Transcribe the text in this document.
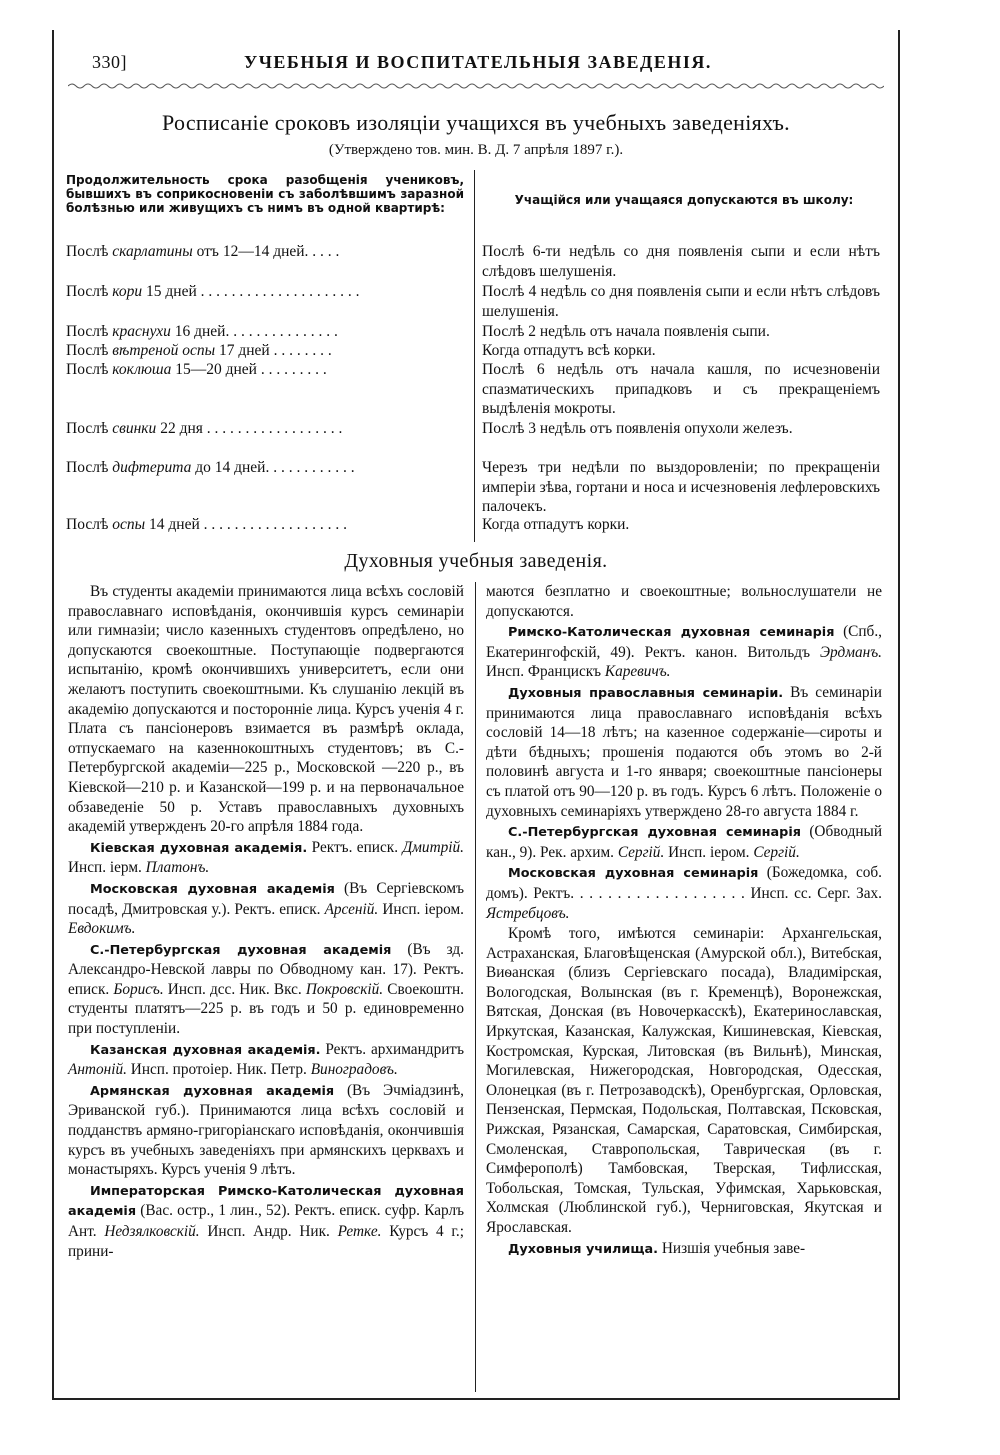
330]	УЧЕБНЫЯ И ВОСПИТАТЕЛЬНЫЯ ЗАВЕДЕНІЯ.
Росписаніе сроковъ изоляціи учащихся въ учебныхъ заведеніяхъ.
(Утверждено тов. мин. В. Д. 7 апрѣля 1897 г.).
Продолжительность срока разобщенія учениковъ, бывшихъ въ соприкосновеніи съ заболѣвшимъ заразной болѣзнью или живущихъ съ нимъ въ одной квартирѣ:
Учащійся или учащаяся допускаются въ школу:
Послѣ скарлатины отъ 12—14 дней. . . . .	Послѣ 6-ти недѣль со дня появленія сыпи и если нѣтъ слѣдовъ шелушенія.
Послѣ кори 15 дней . . . . . . . . . . . . . . . . . . . . .	Послѣ 4 недѣль со дня появленія сыпи и если нѣтъ слѣдовъ шелушенія.
Послѣ краснухи 16 дней. . . . . . . . . . . . . . .	Послѣ 2 недѣль отъ начала появленія сыпи.
Послѣ вѣтреной оспы 17 дней . . . . . . . .	Когда отпадутъ всѣ корки.
Послѣ коклюша 15—20 дней . . . . . . . . .	Послѣ 6 недѣль отъ начала кашля, по исчезновеніи спазматическихъ припадковъ и съ прекращеніемъ выдѣленія мокроты.
Послѣ свинки 22 дня . . . . . . . . . . . . . . . . . .	Послѣ 3 недѣль отъ появленія опухоли железъ.
Послѣ дифтерита до 14 дней. . . . . . . . . . . .	Черезъ три недѣли по выздоровленіи; по прекращеніи имперіи зѣва, гортани и носа и исчезновенія лефлеровскихъ палочекъ.
Послѣ оспы 14 дней . . . . . . . . . . . . . . . . . . .	Когда отпадутъ корки.
Духовныя учебныя заведенія.

Въ студенты академіи принимаются лица всѣхъ сословій православнаго исповѣданія, окончившія курсъ семинаріи или гимназіи; число казенныхъ студентовъ опредѣлено, но допускаются своекоштные. Поступающіе подвергаются испытанію, кромѣ окончившихъ университетъ, если они желаютъ поступить своекоштными. Къ слушанію лекцій въ академію допускаются и посторонніе лица. Курсъ ученія 4 г. Плата съ пансіонеровъ взимается въ размѣрѣ оклада, отпускаемаго на казеннокоштныхъ студентовъ; въ С.-Петербургской академіи—225 р., Московской —220 р., въ Кіевской—210 р. и Казанской—199 р. и на первоначальное обзаведеніе 50 р. Уставъ православныхъ духовныхъ академій утвержденъ 20-го апрѣля 1884 года.

Кіевская духовная академія. Ректъ. еписк. Дмитрій. Инсп. іерм. Платонъ.

Московская духовная академія (Въ Сергіевскомъ посадѣ, Дмитровская у.). Ректъ. еписк. Арсеній. Инсп. іером. Евдокимъ.

С.-Петербургская духовная академія (Въ зд. Александро-Невской лавры по Обводному кан. 17). Ректъ. еписк. Борисъ. Инсп. дсс. Ник. Вкс. Покровскій. Своекоштн. студенты платятъ—225 р. въ годъ и 50 р. единовременно при поступленіи.

Казанская духовная академія. Ректъ. архимандритъ Антоній. Инсп. протоіер. Ник. Петр. Виноградовъ.

Армянская духовная академія (Въ Эчміадзинѣ, Эриванской губ.). Принимаются лица всѣхъ сословій и подданствъ армяно-григоріанскаго исповѣданія, окончившія курсъ въ учебныхъ заведеніяхъ при армянскихъ церквахъ и монастыряхъ. Курсъ ученія 9 лѣтъ.

Императорская Римско-Католическая духовная академія (Вас. остр., 1 лин., 52). Ректъ. еписк. суфр. Карлъ Ант. Недзялковскій. Инсп. Андр. Ник. Ретке. Курсъ 4 г.; прини-

маются безплатно и своекоштные; вольнослушатели не допускаются.

Римско-Католическая духовная семинарія (Спб., Екатерингофскій, 49). Ректъ. канон. Витольдъ Эрдманъ. Инсп. Францискъ Каревичъ.

Духовныя православныя семинаріи. Въ семинаріи принимаются лица православнаго исповѣданія всѣхъ сословій 14—18 лѣтъ; на казенное содержаніе—сироты и дѣти бѣдныхъ; прошенія подаются объ этомъ во 2-й половинѣ августа и 1-го января; своекоштные пансіонеры съ платой отъ 90—120 р. въ годъ. Курсъ 6 лѣтъ. Положеніе о духовныхъ семинаріяхъ утверждено 28-го августа 1884 г.

С.-Петербургская духовная семинарія (Обводный кан., 9). Рек. архим. Сергій. Инсп. іером. Сергій.

Московская духовная семинарія (Божедомка, соб. домъ). Ректъ. . . . . . . . . . . . . . . . . . . Инсп. сс. Серг. Зах. Ястребцовъ.

Кромѣ того, имѣются семинаріи: Архангельская, Астраханская, Благовѣщенская (Амурской обл.), Витебская, Виѳанская (близъ Сергіевскаго посада), Владимірская, Вологодская, Волынская (въ г. Кременцѣ), Воронежская, Вятская, Донская (въ Новочеркасскѣ), Екатеринославская, Иркутская, Казанская, Калужская, Кишиневская, Кіевская, Костромская, Курская, Литовская (въ Вильнѣ), Минская, Могилевская, Нижегородская, Новгородская, Одесская, Олонецкая (въ г. Петрозаводскѣ), Оренбургская, Орловская, Пензенская, Пермская, Подольская, Полтавская, Псковская, Рижская, Рязанская, Самарская, Саратовская, Симбирская, Смоленская, Ставропольская, Таврическая (въ г. Симферополѣ) Тамбовская, Тверская, Тифлисская, Тобольская, Томская, Тульская, Уфимская, Харьковская, Холмская (Люблинской губ.), Черниговская, Якутская и Ярославская.

Духовныя училища. Низшія учебныя заве-
